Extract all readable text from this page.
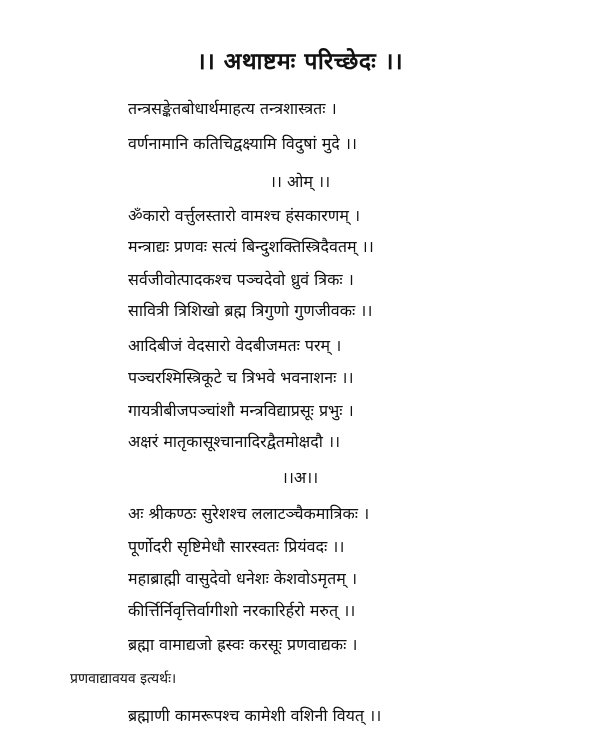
।। अथाष्टमः परिच्छेदः ।।
तन्त्रसङ्केतबोधार्थमाहत्य तन्त्रशास्त्रतः ।
वर्णनामानि कतिचिद्वक्ष्यामि विदुषां मुदे ।।
।। ओम् ।।
ॐकारो वर्त्तुलस्तारो वामश्च हंसकारणम् ।
मन्त्राद्यः प्रणवः सत्यं बिन्दुशक्तिस्त्रिदैवतम् ।।
सर्वजीवोत्पादकश्च पञ्चदेवो ध्रुवं त्रिकः ।
सावित्री त्रिशिखो ब्रह्म त्रिगुणो गुणजीवकः ।।
आदिबीजं वेदसारो वेदबीजमतः परम् ।
पञ्चरश्मिस्त्रिकूटे च त्रिभवे भवनाशनः ।।
गायत्रीबीजपञ्चांशौ मन्त्रविद्याप्रसूः प्रभुः ।
अक्षरं मातृकासूश्चानादिरद्वैतमोक्षदौ ।।
।।अ।।
अः श्रीकण्ठः सुरेशश्च ललाटञ्चैकमात्रिकः ।
पूर्णोदरी सृष्टिमेधौ सारस्वतः प्रियंवदः ।।
महाब्राह्मी वासुदेवो धनेशः केशवोऽमृतम् ।
कीर्त्तिर्निवृत्तिर्वागीशो नरकारिर्हरो मरुत् ।।
ब्रह्मा वामाद्यजो ह्रस्वः करसूः प्रणवाद्यकः ।
प्रणवाद्यावयव इत्यर्थः।
ब्रह्माणी कामरूपश्च कामेशी वशिनी वियत् ।।
